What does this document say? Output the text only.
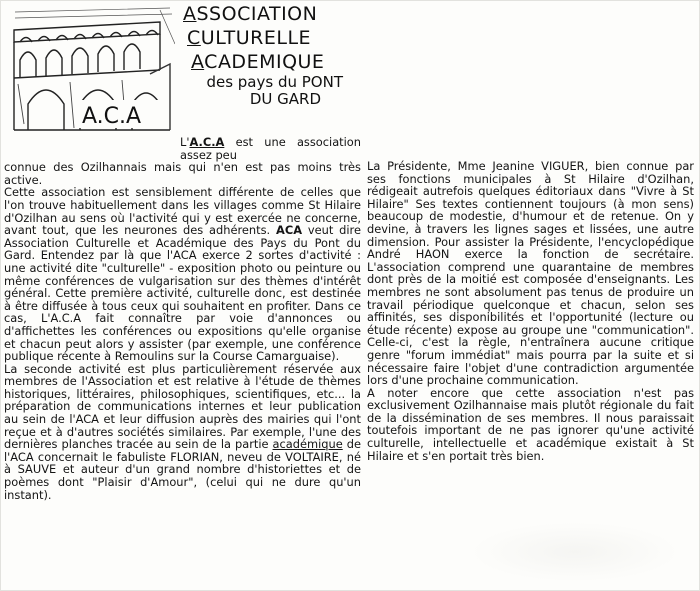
A.C.A
ASSOCIATION
CULTURELLE
ACADEMIQUE
des pays du PONT
DU GARD

L'A.C.A est une association assez peu

connue des Ozilhannais mais qui n'en est pas moins très active.

Cette association est sensiblement différente de celles que l'on trouve habituellement dans les villages comme St Hilaire d'Ozilhan au sens où l'activité qui y est exercée ne concerne, avant tout, que les neurones des adhérents. ACA veut dire Association Culturelle et Académique des Pays du Pont du Gard. Entendez par là que l'ACA exerce 2 sortes d'activité : une activité dite "culturelle" - exposition photo ou peinture ou même conférences de vulgarisation sur des thèmes d'intérêt général. Cette première activité, culturelle donc, est destinée à être diffusée à tous ceux qui souhaitent en profiter. Dans ce cas, L'A.C.A fait connaître par voie d'annonces ou d'affichettes les conférences ou expositions qu'elle organise et chacun peut alors y assister (par exemple, une conférence publique récente à Remoulins sur la Course Camarguaise).

La seconde activité est plus particulièrement réservée aux membres de l'Association et est relative à l'étude de thèmes historiques, littéraires, philosophiques, scientifiques, etc... la préparation de communications internes et leur publication au sein de l'ACA et leur diffusion auprès des mairies qui l'ont reçue et à d'autres sociétés similaires. Par exemple, l'une des dernières planches tracée au sein de la partie académique de l'ACA concernait le fabuliste FLORIAN, neveu de VOLTAIRE, né à SAUVE et auteur d'un grand nombre d'historiettes et de poèmes dont "Plaisir d'Amour", (celui qui ne dure qu'un instant).

La Présidente, Mme Jeanine VIGUER, bien connue par ses fonctions municipales à St Hilaire d'Ozilhan, rédigeait autrefois quelques éditoriaux dans "Vivre à St Hilaire" Ses textes contiennent toujours (à mon sens) beaucoup de modestie, d'humour et de retenue. On y devine, à travers les lignes sages et lissées, une autre dimension. Pour assister la Présidente, l'encyclopédique André HAON exerce la fonction de secrétaire. L'association comprend une quarantaine de membres dont près de la moitié est composée d'enseignants. Les membres ne sont absolument pas tenus de produire un travail périodique quelconque et chacun, selon ses affinités, ses disponibilités et l'opportunité (lecture ou étude récente) expose au groupe une "communication". Celle-ci, c'est la règle, n'entraînera aucune critique genre "forum immédiat" mais pourra par la suite et si nécessaire faire l'objet d'une contradiction argumentée lors d'une prochaine communication.

A noter encore que cette association n'est pas exclusivement Ozilhannaise mais plutôt régionale du fait de la dissémination de ses membres. Il nous paraissait toutefois important de ne pas ignorer qu'une activité culturelle, intellectuelle et académique existait à St Hilaire et s'en portait très bien.
